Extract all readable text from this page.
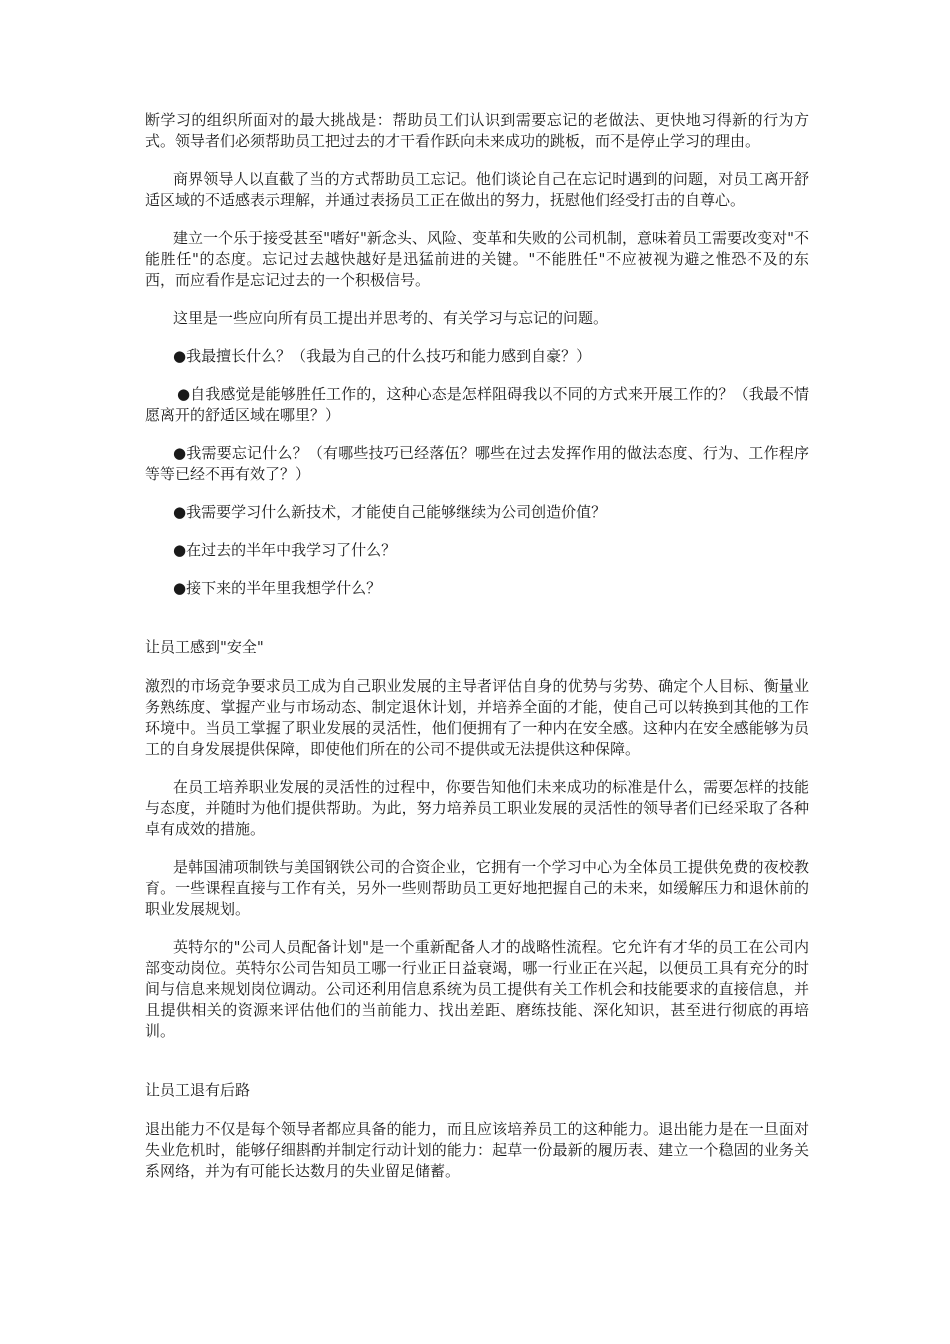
断学习的组织所面对的最大挑战是：帮助员工们认识到需要忘记的老做法、更快地习得新的行为方式。领导者们必须帮助员工把过去的才干看作跃向未来成功的跳板，而不是停止学习的理由。

商界领导人以直截了当的方式帮助员工忘记。他们谈论自己在忘记时遇到的问题，对员工离开舒适区域的不适感表示理解，并通过表扬员工正在做出的努力，抚慰他们经受打击的自尊心。

建立一个乐于接受甚至"嗜好"新念头、风险、变革和失败的公司机制，意味着员工需要改变对"不能胜任"的态度。忘记过去越快越好是迅猛前进的关键。"不能胜任"不应被视为避之惟恐不及的东西，而应看作是忘记过去的一个积极信号。

这里是一些应向所有员工提出并思考的、有关学习与忘记的问题。

●我最擅长什么？（我最为自己的什么技巧和能力感到自豪？）

●自我感觉是能够胜任工作的，这种心态是怎样阻碍我以不同的方式来开展工作的？（我最不情愿离开的舒适区域在哪里？）

●我需要忘记什么？（有哪些技巧已经落伍？哪些在过去发挥作用的做法态度、行为、工作程序等等已经不再有效了？）

●我需要学习什么新技术，才能使自己能够继续为公司创造价值？

●在过去的半年中我学习了什么？

●接下来的半年里我想学什么？

让员工感到"安全"

激烈的市场竞争要求员工成为自己职业发展的主导者评估自身的优势与劣势、确定个人目标、衡量业务熟练度、掌握产业与市场动态、制定退休计划，并培养全面的才能，使自己可以转换到其他的工作环境中。当员工掌握了职业发展的灵活性，他们便拥有了一种内在安全感。这种内在安全感能够为员工的自身发展提供保障，即使他们所在的公司不提供或无法提供这种保障。

在员工培养职业发展的灵活性的过程中，你要告知他们未来成功的标准是什么，需要怎样的技能与态度，并随时为他们提供帮助。为此，努力培养员工职业发展的灵活性的领导者们已经采取了各种卓有成效的措施。

是韩国浦项制铁与美国钢铁公司的合资企业，它拥有一个学习中心为全体员工提供免费的夜校教育。一些课程直接与工作有关，另外一些则帮助员工更好地把握自己的未来，如缓解压力和退休前的职业发展规划。

英特尔的"公司人员配备计划"是一个重新配备人才的战略性流程。它允许有才华的员工在公司内部变动岗位。英特尔公司告知员工哪一行业正日益衰竭，哪一行业正在兴起，以便员工具有充分的时间与信息来规划岗位调动。公司还利用信息系统为员工提供有关工作机会和技能要求的直接信息，并且提供相关的资源来评估他们的当前能力、找出差距、磨练技能、深化知识，甚至进行彻底的再培训。

让员工退有后路

退出能力不仅是每个领导者都应具备的能力，而且应该培养员工的这种能力。退出能力是在一旦面对失业危机时，能够仔细斟酌并制定行动计划的能力：起草一份最新的履历表、建立一个稳固的业务关系网络，并为有可能长达数月的失业留足储蓄。
